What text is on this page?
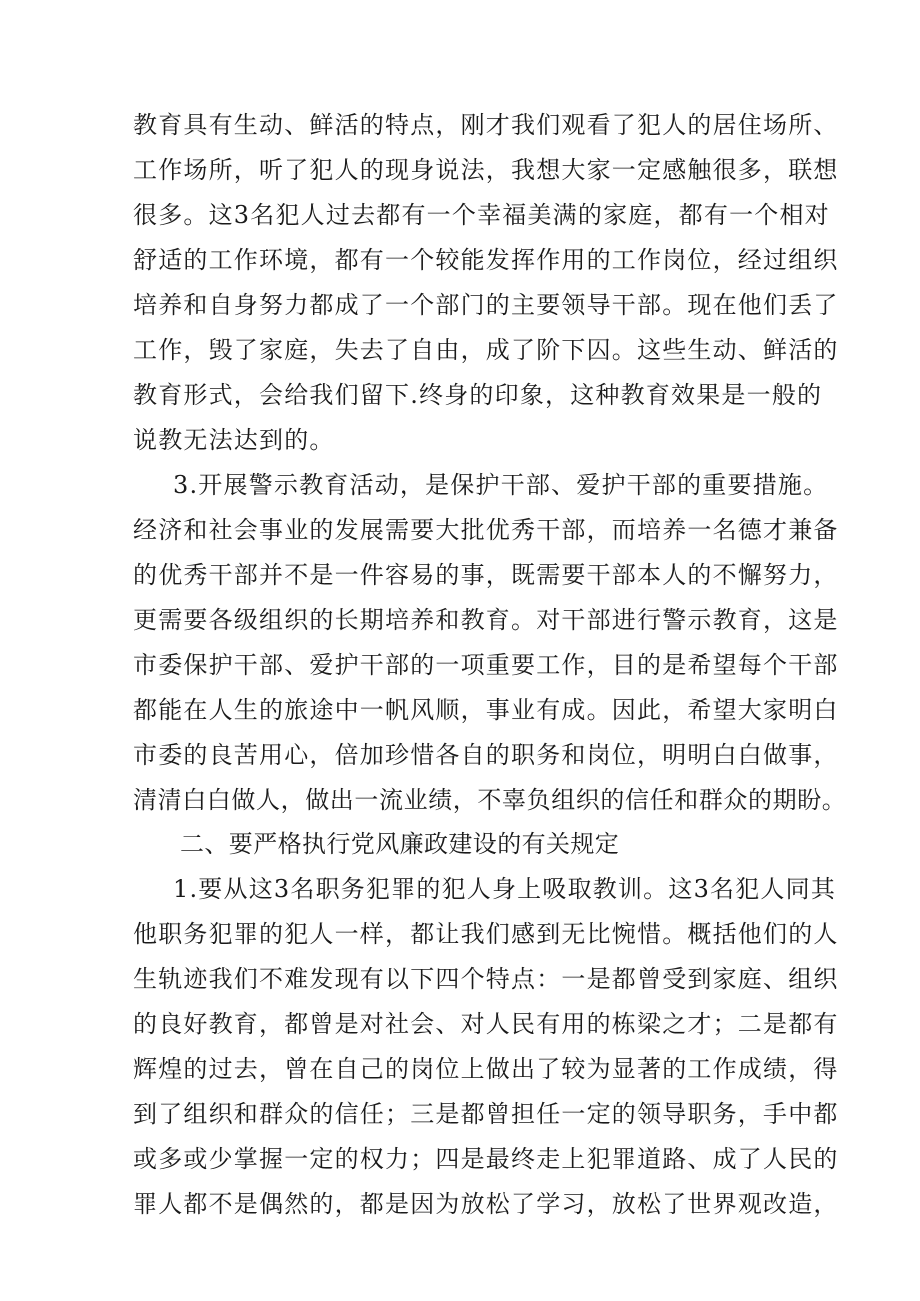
教育具有生动、鲜活的特点，刚才我们观看了犯人的居住场所、
工作场所，听了犯人的现身说法，我想大家一定感触很多，联想
很多。这3名犯人过去都有一个幸福美满的家庭，都有一个相对
舒适的工作环境，都有一个较能发挥作用的工作岗位，经过组织
培养和自身努力都成了一个部门的主要领导干部。现在他们丢了
工作，毁了家庭，失去了自由，成了阶下囚。这些生动、鲜活的
教育形式，会给我们留下.终身的印象，这种教育效果是一般的
说教无法达到的。
3.开展警示教育活动，是保护干部、爱护干部的重要措施。
经济和社会事业的发展需要大批优秀干部，而培养一名德才兼备
的优秀干部并不是一件容易的事，既需要干部本人的不懈努力，
更需要各级组织的长期培养和教育。对干部进行警示教育，这是
市委保护干部、爱护干部的一项重要工作，目的是希望每个干部
都能在人生的旅途中一帆风顺，事业有成。因此，希望大家明白
市委的良苦用心，倍加珍惜各自的职务和岗位，明明白白做事，
清清白白做人，做出一流业绩，不辜负组织的信任和群众的期盼。
二、要严格执行党风廉政建设的有关规定
1.要从这3名职务犯罪的犯人身上吸取教训。这3名犯人同其
他职务犯罪的犯人一样，都让我们感到无比惋惜。概括他们的人
生轨迹我们不难发现有以下四个特点：一是都曾受到家庭、组织
的良好教育，都曾是对社会、对人民有用的栋梁之才；二是都有
辉煌的过去，曾在自己的岗位上做出了较为显著的工作成绩，得
到了组织和群众的信任；三是都曾担任一定的领导职务，手中都
或多或少掌握一定的权力；四是最终走上犯罪道路、成了人民的
罪人都不是偶然的，都是因为放松了学习，放松了世界观改造，
